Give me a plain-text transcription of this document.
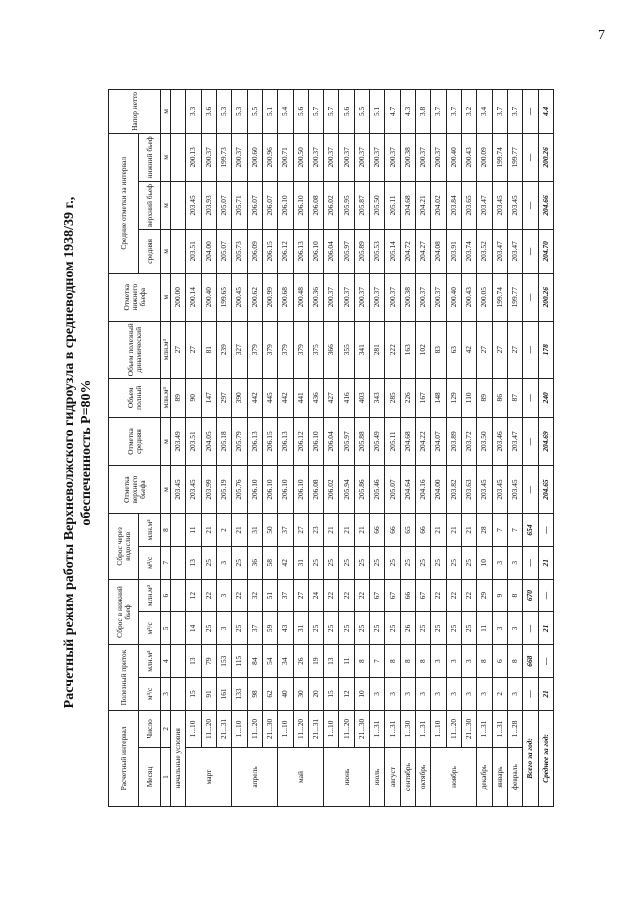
7
Расчетный режим работы Верхневолжского гидроузла в средневодном 1938/39 г., обеспеченность Р=80%
Расчетный интервал		Полезный приток		Сброс в нижний бьеф		Сброс через водослив		Отметка верхнего бьефа	Отметка средняя	Объем полный	Объем полезный динамический	Отметка нижнего бьефа	Средние отметки за интервал			Напор нетто
Месяц	Число	м³/с	млн.м³	м³/с	млн.м³	м³/с	млн.м³						средняя	верхний бьеф	нижний бьеф	
1	2	3	4	5	6	7	8	м	м	млн.м³	млн.м³	м	м	м	м	м
начальные условия								203.45	203.49	89	27	200.00				
март	1...10	15	13	14	12	13	11	203.45	203.51	90	27	200.14	203.51	203.45	200.13	3.3
	11...20	91	79	25	22	25	21	203.99	204.05	147	81	200.40	204.00	203.93	200.37	3.6
	21...31	161	153	3	3	3	2	205.19	205.18	297	239	199.65	205.07	205.07	199.73	5.3
апрель	1...10	133	115	25	22	25	21	205.76	205.79	390	327	200.45	205.73	205.71	200.37	5.3
	11...20	98	84	37	32	36	31	206.10	206.13	442	379	200.62	206.09	206.07	200.60	5.5
	21...30	62	54	59	51	58	50	206.10	206.15	445	379	200.99	206.15	206.07	200.96	5.1
май	1...10	40	34	43	37	42	37	206.10	206.13	442	379	200.68	206.12	206.10	200.71	5.4
	11...20	30	26	31	27	31	27	206.10	206.12	441	379	200.48	206.13	206.10	200.50	5.6
	21...31	20	19	25	24	25	23	206.08	206.10	436	375	200.36	206.10	206.08	200.37	5.7
июнь	1...10	15	13	25	22	25	21	206.02	206.04	427	366	200.37	206.04	206.02	200.37	5.7
	11...20	12	11	25	22	25	21	205.94	205.97	416	355	200.37	205.97	205.95	200.37	5.6
	21...30	10	8	25	22	25	21	205.86	205.88	403	341	200.37	205.89	205.87	200.37	5.5
июль	1...31	3	7	25	67	25	66	205.46	205.49	343	281	200.37	205.53	205.50	200.37	5.1
август	1...31	3	8	25	67	25	66	205.07	205.11	285	222	200.37	205.14	205.11	200.37	4.7
сентябрь	1...30	3	8	26	66	25	65	204.64	204.68	226	163	200.38	204.72	204.68	200.38	4.3
октябрь	1...31	3	8	25	67	25	66	204.16	204.22	167	102	200.37	204.27	204.21	200.37	3.8
ноябрь	1...10	3	3	25	22	25	21	204.00	204.07	148	83	200.37	204.08	204.02	200.37	3.7
	11...20	3	3	25	22	25	21	203.82	203.89	129	63	200.40	203.91	203.84	200.40	3.7
	21...30	3	3	25	22	25	21	203.63	203.72	110	42	200.43	203.74	203.65	200.43	3.2
декабрь	1...31	3	8	11	29	10	28	203.45	203.50	89	27	200.05	203.52	203.47	200.09	3.4
январь	1...31	2	6	3	9	3	7	203.45	203.46	86	27	199.74	203.47	203.45	199.74	3.7
февраль	1...28	3	8	3	8	3	7	203.45	203.47	87	27	199.77	203.47	203.45	199.77	3.7
Всего за год:		—	668	—	670	—	654	—	—	—	—	—	—	—	—	—
Среднее за год:		21	—	21	—	21	—	204.65	204.69	240	178	200.26	204.70	204.66	200.26	4.4
